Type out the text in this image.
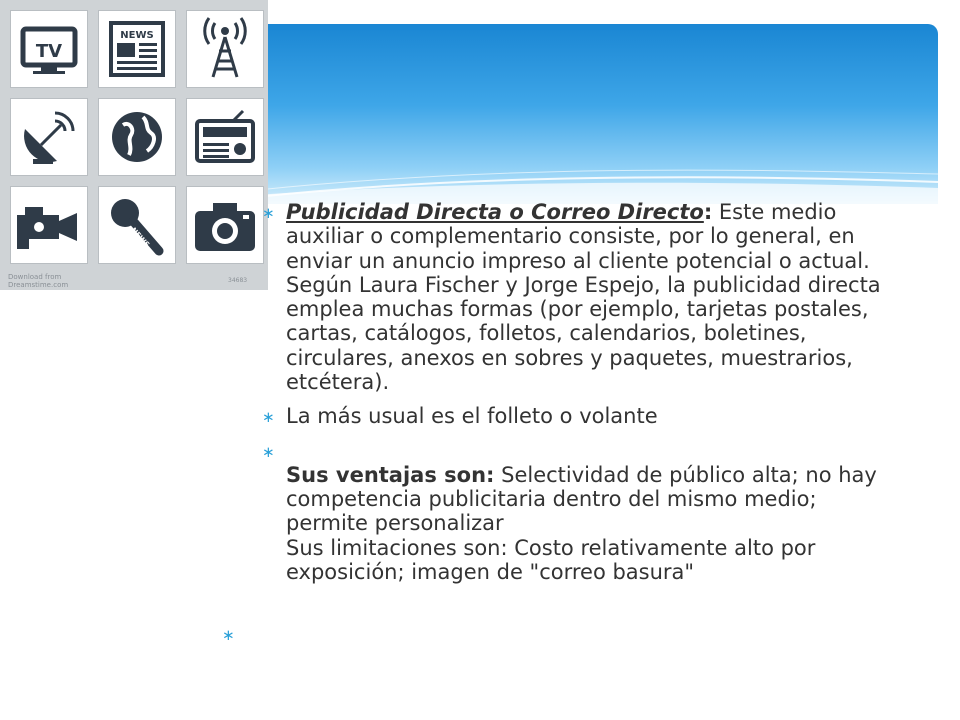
TV
NEWS
NEWS
Download from
Dreamstime.com
34683
∗ Publicidad Directa o Correo Directo: Este medio auxiliar o complementario consiste, por lo general, en enviar un anuncio impreso al cliente potencial o actual.
Según Laura Fischer y Jorge Espejo, la publicidad directa emplea muchas formas (por ejemplo, tarjetas postales, cartas, catálogos, folletos, calendarios, boletines, circulares, anexos en sobres y paquetes, muestrarios, etcétera).
∗ La más usual es el folleto o volante
∗
Sus ventajas son: Selectividad de público alta; no hay competencia publicitaria dentro del mismo medio; permite personalizar
Sus limitaciones son: Costo relativamente alto por exposición; imagen de "correo basura"
∗
